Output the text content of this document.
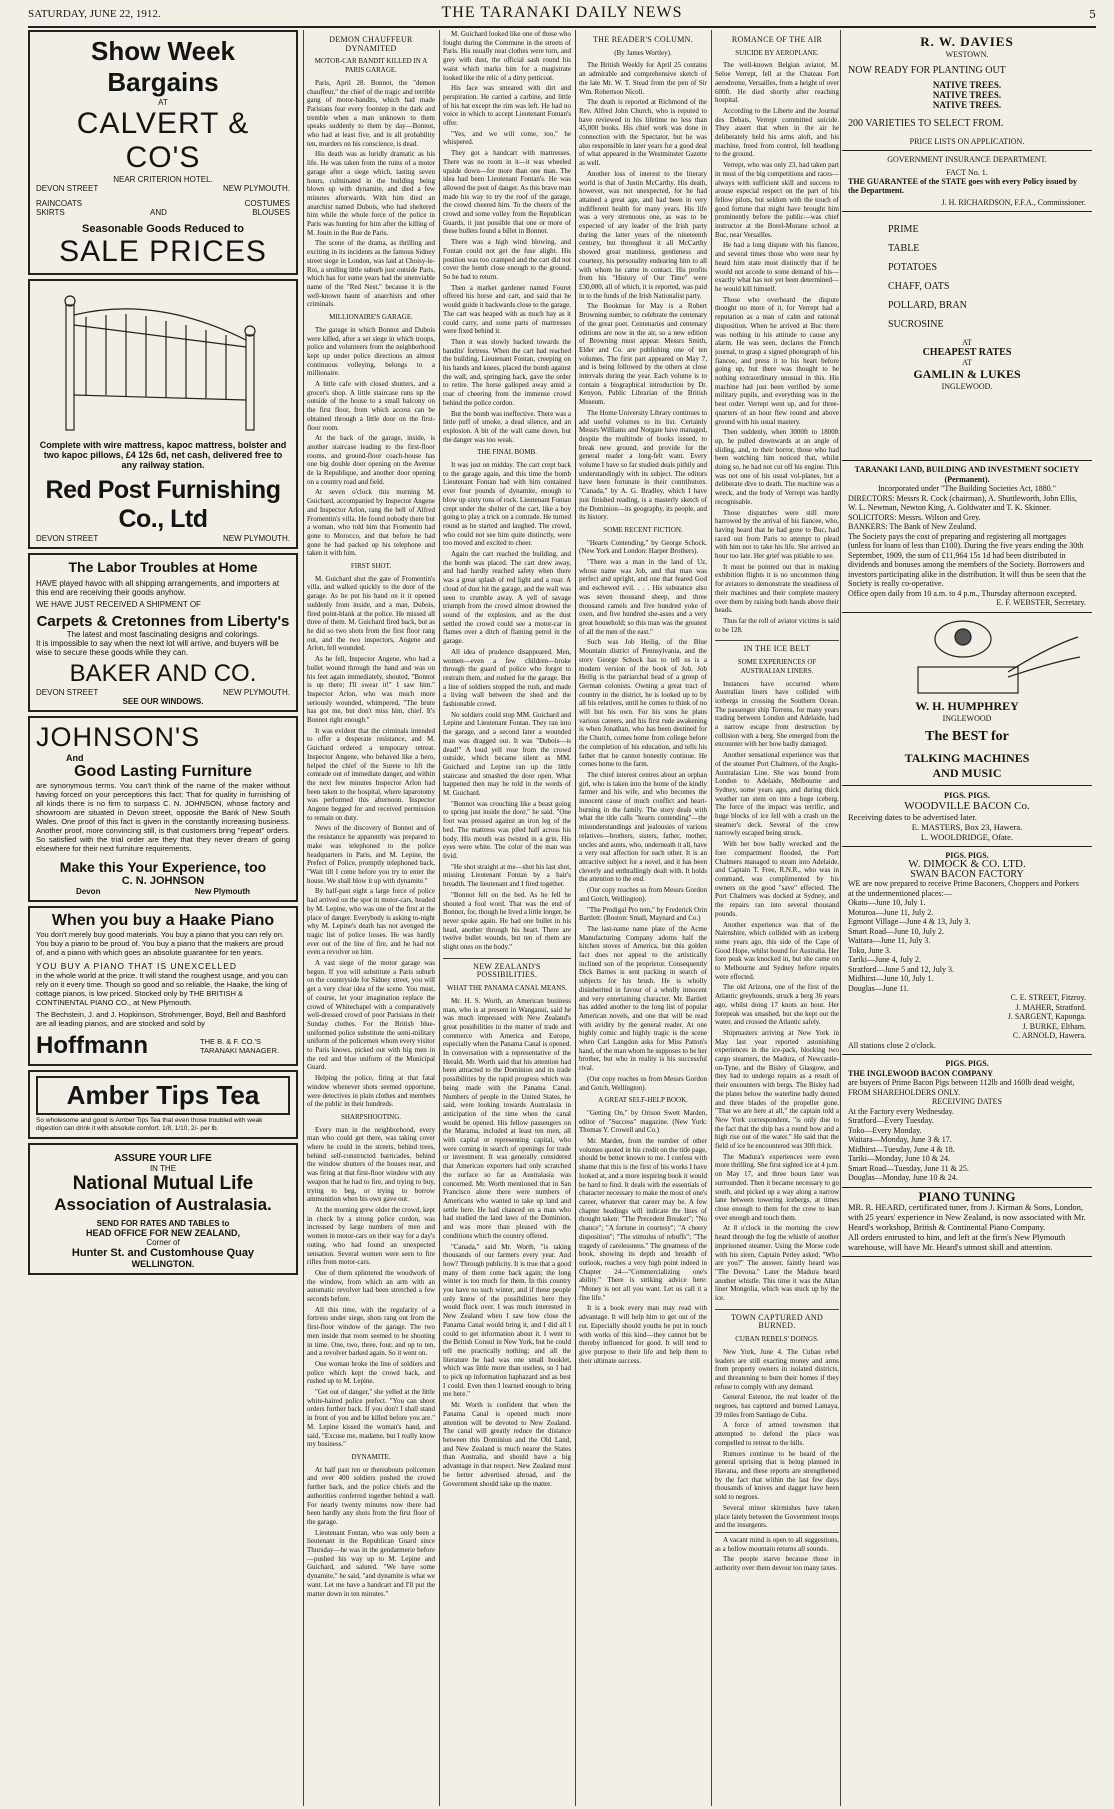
SATURDAY, JUNE 22, 1912.	THE TARANAKI DAILY NEWS	5
Show Week Bargains
AT
CALVERT & CO'S
NEAR CRITERION HOTEL.
DEVON STREET	NEW PLYMOUTH.
RAINCOATS	COSTUMES
SKIRTS	AND	BLOUSES
Seasonable Goods Reduced to
SALE PRICES
Complete with wire mattress, kapoc mattress, bolster and two kapoc pillows, £4 12s 6d, net cash, delivered free to any railway station.
Red Post Furnishing Co., Ltd
DEVON STREET	NEW PLYMOUTH.
The Labor Troubles at Home
HAVE played havoc with all shipping arrangements, and importers at this end are receiving their goods anyhow.
WE HAVE JUST RECEIVED A SHIPMENT OF
Carpets & Cretonnes from Liberty's
The latest and most fascinating designs and colorings.
It is impossible to say when the next lot will arrive, and buyers will be wise to secure these goods while they can.
BAKER AND CO.
DEVON STREET	NEW PLYMOUTH.
SEE OUR WINDOWS.
JOHNSON'S
And
Good Lasting Furniture
are synonymous terms. You can't think of the name of the maker without having forced on your perceptions this fact: That for quality in furnishing of all kinds there is no firm to surpass C. N. JOHNSON, whose factory and showroom are situated in Devon street, opposite the Bank of New South Wales. One proof of this fact is given in the constantly increasing business. Another proof, more convincing still, is that customers bring "repeat" orders. So satisfied with the trial order are they that they never dream of going elsewhere for their next furniture requirements.
Make this Your Experience, too
C. N. JOHNSON
Devon	New Plymouth
When you buy a Haake Piano
You don't merely buy good materials. You buy a piano that you can rely on. You buy a piano to be proud of. You buy a piano that the makers are proud of, and a piano with which goes an absolute guarantee for ten years.
YOU BUY A PIANO THAT IS UNEXCELLED
in the whole world at the price. It will stand the roughest usage, and you can rely on it every time. Though so good and so reliable, the Haake, the king of cottage pianos, is low priced. Stocked only by THE BRITISH & CONTINENTAL PIANO CO., at New Plymouth.
The Bechstein, J. and J. Hopkinson, Strohmenger, Boyd, Bell and Bashford are all leading pianos, and are stocked and sold by
Hoffmann	THE B. & F. CO.'S TARANAKI MANAGER.
Amber Tips Tea
So wholesome and good is Amber Tips Tea that even those troubled with weak digestion can drink it with absolute comfort. 1/8, 1/10, 2/- per lb.
ASSURE YOUR LIFE
IN THE
National Mutual Life
Association of Australasia.
SEND FOR RATES AND TABLES to
HEAD OFFICE FOR NEW ZEALAND,
Corner of
Hunter St. and Customhouse Quay
WELLINGTON.
DEMON CHAUFFEUR DYNAMITED
MOTOR-CAR BANDIT KILLED IN A PARIS GARAGE.

Paris, April 28. Bonnot, the "demon chauffeur," the chief of the tragic and terrible gang of motor-bandits, which had made Parisians fear every footstep in the dark and tremble when a man unknown to them speaks suddenly to them by day—Bonnot, who had at least five, and in all probability ten, murders on his conscience, is dead.

His death was as luridly dramatic as his life. He was taken from the ruins of a motor garage after a siege which, lasting seven hours, culminated in the building being blown up with dynamite, and died a few minutes afterwards. With him died an anarchist named Dubois, who had sheltered him while the whole force of the police in Paris was hunting for him after the killing of M. Jouin in the Rue de Paris.

The scene of the drama, as thrilling and exciting in its incidents as the famous Sidney street siege in London, was laid at Choisy-le-Roi, a smiling little suburb just outside Paris, which has for some years had the unenviable name of the "Red Nest," because it is the well-known haunt of anarchists and other criminals.

MILLIONAIRE'S GARAGE.

The garage in which Bonnot and Dubois were killed, after a set siege in which troops, police and volunteers from the neighborhood kept up under police directions an almost continuous volleying, belongs to a millionaire.

A little cafe with closed shutters, and a grocer's shop. A little staircase runs up the outside of the house to a small balcony on the first floor, from which access can be obtained through a little door on the first-floor room.

At the back of the garage, inside, is another staircase leading to the first-floor rooms, and ground-floor coach-house has one big double door opening on the Avenue de la Republique, and another door opening on a country road and field.

At seven o'clock this morning M. Guichard, accompanied by Inspector Angene and Inspector Arlon, rang the bell of Alfred Fromentin's villa. He found nobody there but a woman, who told him that Fromentin had gone to Morocco, and that before he had gone he had packed up his telephone and taken it with him.

FIRST SHOT.

M. Guichard shut the gate of Fromentin's villa, and walked quickly to the door of the garage. As he put his hand on it it opened suddenly from inside, and a man, Dubois, fired point-blank at the police. He missed all three of them. M. Guichard fired back, but as he did so two shots from the first floor rang out, and the two inspectors, Angene and Arlon, fell wounded.

As he fell, Inspector Angene, who had a bullet wound through the hand and was on his feet again immediately, shouted, "Bonnot is up there; I'll swear it!" I saw him." Inspector Arlon, who was much more seriously wounded, whimpered, "The brute has got me, but don't miss him, chief. It's Bonnot right enough."

It was evident that the criminals intended to offer a desperate resistance, and M. Guichard ordered a temporary retreat. Inspector Angene, who behaved like a hero, helped the chief of the Surete to lift the comrade out of immediate danger, and within the next few minutes Inspector Arlon had been taken to the hospital, where laparotomy was performed this afternoon. Inspector Angene begged for and received permission to remain on duty.

News of the discovery of Bonnot and of the resistance he apparently was prepared to make was telephoned to the police headquarters in Paris, and M. Lepine, the Prefect of Police, promptly telephoned back, "Wait till I come before you try to enter the house. We shall blow it up with dynamite."

By half-past eight a large force of police had arrived on the spot in motor-cars, headed by M. Lepine, who was one of the first at the place of danger. Everybody is asking to-night why M. Lepine's death has not avenged the tragic list of police losses. He was hardly ever out of the line of fire, and he had not even a revolver on him.

A vast siege of the motor garage was begun. If you will substitute a Paris suburb on the countryside for Sidney street, you will get a very clear idea of the scene. You must, of course, let your imagination replace the crowd of Whitechapel with a comparatively well-dressed crowd of poor Parisians in their Sunday clothes. For the British blue-uniformed police substitute the semi-military uniform of the policemen whom every visitor to Paris knows, picked out with big men in the red and blue uniform of the Municipal Guard.

Helping the police, firing at that fatal window whenever shots seemed opportune, were detectives in plain clothes and members of the public in their hundreds.

SHARPSHOOTING.

Every man in the neighborhood, every man who could get there, was taking cover where he could in the streets, behind trees, behind self-constructed barricades, behind the window shutters of the houses near, and was firing at that first-floor window with any weapon that he had to fire, and trying to buy, trying to beg, or trying to borrow ammunition when his own gave out.

At the morning grew older the crowd, kept in check by a strong police cordon, was increased by large numbers of men and women in motor-cars on their way for a day's outing, who had found an unexpected sensation. Several women were seen to fire rifles from motor-cars.

One of them splintered the woodwork of the window, from which an arm with an automatic revolver had been stretched a few seconds before.

All this time, with the regularity of a fortress under siege, shots rang out from the first-floor window of the garage. The two men inside that room seemed to be shooting in time. One, two, three, four, and up to ten, and a revolver barked again. So it went on.

One woman broke the line of soldiers and police which kept the crowd back, and rushed up to M. Lepine.

"Get out of danger," she yelled at the little white-haired police prefect. "You can shoot orders further back. If you don't I shall stand in front of you and be killed before you are." M. Lepine kissed the woman's hand, and said, "Excuse me, madame, but I really know my business."

DYNAMITE.

At half past ten or thereabouts policemen and over 400 soldiers pushed the crowd further back, and the police chiefs and the authorities conferred together behind a wall. For nearly twenty minutes now there had been hardly any shots from the first floor of the garage.

Lieutenant Fontan, who was only been a lieutenant in the Republican Guard since Thursday—he was in the gendarmerie before—pushed his way up to M. Lepine and Guichard, and saluted. "We have some dynamite," he said, "and dynamite is what we want. Let me have a handcart and I'll put the matter down in ten minutes."

M. Guichard looked like one of those who fought during the Commune in the streets of Paris. His usually neat clothes were torn, and grey with dust, the official sash round his waist which marks him for a magistrate looked like the relic of a dirty petticoat.

His face was smeared with dirt and perspiration. He carried a carbine, and little of his hat except the rim was left. He had no voice in which to accept Lieutenant Fontan's offer.

"Yes, and we will come, too," he whispered.

They got a handcart with mattresses. There was no room in it—it was wheeled upside down—for more than one man. The idea had been Lieutenant Fontan's. He was allowed the post of danger. As this brave man made his way to try the roof of the garage, the crowd cheered him. To the cheers of the crowd and some volley from the Republican Guards, it just possible that one or more of these bullets found a billet in Bonnot.

There was a high wind blowing, and Fontan could not get the fuse alight. His position was too cramped and the cart did not cover the bomb close enough to the ground. So he had to return.

Then a market gardener named Fouret offered his horse and cart, and said that he would guide it backwards close to the garage. The cart was heaped with as much hay as it could carry, and some parts of mattresses were fixed behind it.

Then it was slowly backed towards the bandits' fortress. When the cart had reached the building, Lieutenant Fontan, creeping on his hands and knees, placed the bomb against the wall, and, springing back, gave the order to retire. The horse galloped away amid a roar of cheering from the immense crowd behind the police cordon.

But the bomb was ineffective. There was a little puff of smoke, a dead silence, and an explosion. A bit of the wall came down, but the danger was too weak.

THE FINAL BOMB.

It was just on midday. The cart crept back to the garage again, and this time the bomb Lieutenant Fontan had with him contained over four pounds of dynamite, enough to blow up sixty tons of rock. Lieutenant Fontan crept under the shelter of the cart, like a boy going to play a trick on a comrade. He turned round as he started and laughed. The crowd, who could not see him quite distinctly, were too moved and excited to cheer.

Again the cart reached the building, and the bomb was placed. The cart drew away, and had hardly reached safety when there was a great splash of red light and a roar. A cloud of dust hit the garage, and the wall was seen to crumble away. A yell of savage triumph from the crowd almost drowned the sound of the explosion, and as the dust settled the crowd could see a motor-car in flames over a ditch of flaming petrol in the garage.

All idea of prudence disappeared. Men, women—even a few children—broke through the guard of police who forgot to restrain them, and rushed for the garage. But a line of soldiers stopped the rush, and made a living wall between the shed and the fashionable crowd.

No soldiers could stop MM. Guichard and Lepine and Lieutenant Fontan. They ran into the garage, and a second later a wounded man was dragged out. It was "Dubois—is dead!" A loud yell rose from the crowd outside, which became silent as MM. Guichard and Lepine ran up the little staircase and smashed the door open. What happened then may be told in the words of M. Guichard.

"Bonnot was crouching like a beast going to spring just inside the door," he said. "One foot was pressed against an iron leg of the bed. The mattress was piled half across his body. His mouth was twisted in a grin. His eyes were white. The color of the man was livid.

"He shot straight at me—shot his last shot, missing Lieutenant Fontan by a hair's breadth. The lieutenant and I fired together.

"Bonnot fell on the bed. As he fell he shouted a foul word. That was the end of Bonnot, for, though he lived a little longer, he never spoke again. He had one bullet in his head, another through his heart. There are twelve bullet wounds, but ten of them are slight ones on the body."

NEW ZEALAND'S POSSIBILITIES.
WHAT THE PANAMA CANAL MEANS.

Mr. H. S. Worth, an American business man, who is at present in Wanganui, said he was much impressed with New Zealand's great possibilities in the matter of trade and commerce with America and Europe, especially when the Panama Canal is opened. In conversation with a representative of the Herald, Mr. Worth said that his attention had been attracted to the Dominion and its trade possibilities by the rapid progress which was being made with the Panama Canal. Numbers of people in the United States, he said, were looking towards Australasia in anticipation of the time when the canal would be opened. His fellow passengers on the Marama, included at least ten men, all with capital or representing capital, who were coming in search of openings for trade or investment. It was generally considered that American exporters had only scratched the surface so far as Australasia was concerned. Mr. Worth mentioned that in San Francisco alone there were numbers of Americans who wanted to take up land and settle here. He had chanced on a man who had studied the land laws of the Dominion, and was more than pleased with the conditions which the country offered.

"Canada," said Mr. Worth, "is taking thousands of our farmers every year. And how? Through publicity. It is true that a good many of them come back again; the long winter is too much for them. In this country you have no such winter, and if these people only knew of the possibilities here they would flock over. I was much interested in New Zealand when I saw how close the Panama Canal would bring it, and I did all I could to get information about it. I went to the British Consul in New York, but he could tell me practically nothing; and all the literature he had was one small booklet, which was little more than useless, so I had to pick up information haphazard and as best I could. Even then I learned enough to bring me here."

Mr. Worth is confident that when the Panama Canal is opened much more attention will be devoted to New Zealand. The canal will greatly reduce the distance between this Dominion and the Old Land, and New Zealand is much nearer the States than Australia, and should have a big advantage in that respect. New Zealand must be better advertised abroad, and the Government should take up the matter.

THE READER'S COLUMN.
(By James Wortley).

The British Weekly for April 25 contains an admirable and comprehensive sketch of the late Mr. W. T. Stead from the pen of Sir Wm. Robertson Nicoll.

The death is reported at Richmond of the Rev. Alfred John Church, who is reputed to have reviewed in his lifetime no less than 45,000 books. His chief work was done in connection with the Spectator, but he was also responsible in later years for a good deal of what appeared in the Westminster Gazette as well.

Another loss of interest to the literary world is that of Justin McCarthy. His death, however, was not unexpected, for he had attained a great age, and had been in very indifferent health for many years. His life was a very strenuous one, as was to be expected of any leader of the Irish party during the latter years of the nineteenth century, but throughout it all McCarthy showed great manliness, gentleness and courtesy, his personality endearing him to all with whom he came in contact. His profits from his "History of Our Time" were £30,000, all of which, it is reported, was paid in to the funds of the Irish Nationalist party.

The Bookman for May is a Robert Browning number, to celebrate the centenary of the great poet. Centenaries and centenary editions are now in the air, so a new edition of Browning must appear. Messrs Smith, Elder and Co. are publishing one of ten volumes. The first part appeared on May 7, and is being followed by the others at close intervals during the year. Each volume is to contain a biographical introduction by Dr. Kenyon, Public Librarian of the British Museum.

The Home University Library continues to add useful volumes to its list. Certainly Messrs Williams and Norgate have managed, despite the multitude of books issued, to break new ground, and provide for the general reader a long-felt want. Every volume I have so far studied deals pithily and understandingly with its subject. The editors have been fortunate in their contributors. "Canada," by A. G. Bradley, which I have just finished reading, is a masterly sketch of the Dominion—its geography, its people, and its history.

SOME RECENT FICTION.

"Hearts Contending," by George Schock. (New York and London: Harper Brothers).

"There was a man in the land of Uz, whose name was Job, and that man was perfect and upright, and one that feared God and eschewed evil. . . . His substance also was seven thousand sheep, and three thousand camels and five hundred yoke of oxen, and five hundred she-asses and a very great household; so this man was the greatest of all the men of the east."

Such was Job Heilig, of the Blue Mountain district of Pennsylvania, and the story George Schock has to tell us is a modern version of the book of Job. Job Heilig is the patriarchal head of a group of German colonists. Owning a great tract of country in the district, he is looked up to by all his relatives, until he comes to think of no will but his own. For his sons he plans various careers, and his first rude awakening is when Jonathan, who has been destined for the Church, comes home from college before the completion of his education, and tells his father that he cannot honestly continue. He comes home to the farm.

The chief interest centres about an orphan girl, who is taken into the home of the kindly farmer and his wife, and who becomes the innocent cause of much conflict and heart-burning in the family. The story deals with what the title calls "hearts contending"—the misunderstandings and jealousies of various relatives—brothers, sisters, father, mother, uncles and aunts, who, underneath it all, have a very real affection for each other. It is an attractive subject for a novel, and it has been cleverly and enthrallingly dealt with. It holds the attention to the end.

(Our copy reaches us from Messrs Gordon and Gotch, Wellington).

"The Prodigal Pro tem," by Frederick Orin Bartlett: (Boston: Small, Maynard and Co.)

The last-name name plate of the Acme Manufacturing Company adorns half the kitchen stoves of America, but this golden fact does not appeal to the artistically inclined son of the proprietor. Consequently Dick Barnes is sent packing in search of subjects for his brush. He is wholly disinherited in favour of a wholly innocent and very entertaining character. Mr. Bartlett has added another to the long list of popular American novels, and one that will be read with avidity by the general reader. At one highly comic and highly tragic is the scene when Carl Langdon asks for Miss Patton's hand, of the man whom he supposes to be her brother, but who in reality is his successful rival.

(Our copy reaches us from Messrs Gordon and Gotch, Wellington).

A GREAT SELF-HELP BOOK.

"Getting On," by Orison Swett Marden, editor of "Success" magazine. (New York: Thomas Y. Crowell and Co.)

Mr. Marden, from the number of other volumes quoted in his credit on the title page, should be better known to me. I confess with shame that this is the first of his works I have looked at, and a more inspiring book it would be hard to find. It deals with the essentials of character necessary to make the most of one's career, whatever that career may be. A few chapter headings will indicate the lines of thought taken: "The Precedent Breaker"; "No chance"; "A fortune in courtesy"; "A cheery disposition"; "The stimulus of rebuffs"; "The tragedy of carelessness." The greatness of the book, showing its depth and breadth of outlook, reaches a very high point indeed in Chapter 24—"Commercializing one's ability." There is striking advice here: "Money is not all you want. Let us call it a fine life."

It is a book every man may read with advantage. It will help him to get out of the rut. Especially should youths be put in touch with works of this kind—they cannot but be thereby influenced for good. It will tend to give purpose to their life and help them to their ultimate success.

ROMANCE OF THE AIR
SUICIDE BY AEROPLANE.

The well-known Belgian aviator, M. Seloe Verrept, fell at the Chateau Fort aerodrome, Versailles, from a height of over 600ft. He died shortly after reaching hospital.

According to the Liberte and the Journal des Debats, Verrept committed suicide. They assert that when in the air he deliberately held his arms aloft, and his machine, freed from control, fell headlong to the ground.

Verrept, who was only 23, had taken part in most of the big competitions and races—always with sufficient skill and success to arouse especial respect on the part of his fellow pilots, but seldom with the touch of good fortune that might have brought him prominently before the public—was chief instructor at the Borel-Morane school at Buc, near Versailles.

He had a long dispute with his fiancee, and several times those who were near by heard him state most distinctly that if he would not accede to some demand of his—exactly what has not yet been determined—he would kill himself.

Those who overheard the dispute thought no more of it, for Verrept had a reputation as a man of calm and rational disposition. When he arrived at Buc there was nothing in his attitude to cause any alarm. He was seen, declares the French journal, to grasp a signed photograph of his fiancee, and press it to his heart before going up, but there was thought to be nothing extraordinary unusual in this. His machine had just been verified by some military pupils, and everything was in the best order. Verrept went up, and for three-quarters of an hour flew round and above ground with his usual mastery.

Then suddenly, when 3000ft to 1800ft up, he pulled downwards at an angle of sliding, and, to their horror, those who had been watching him noticed that, whilst doing so, he had not cut off his engine. This was not one of his usual vol-planes, but a deliberate dive to death. The machine was a wreck, and the body of Verrept was hardly recognisable.

Those dispatches were still more harrowed by the arrival of his fiancee, who, having heard that he had gone to Buc, had raced out from Paris to attempt to plead with him not to take his life. She arrived an hour too late. Her grief was pitiable to see.

It must be pointed out that in making exhibition flights it is no uncommon thing for aviators to demonstrate the steadiness of their machines and their complete mastery over them by raising both hands above their heads.

Thus far the roll of aviator victims is said to be 128.

IN THE ICE BELT
SOME EXPERIENCES OF AUSTRALIAN LINERS.

Instances have occurred where Australian liners have collided with icebergs in crossing the Southern Ocean. The passenger ship Torrens, for many years trading between London and Adelaide, had a narrow escape from destruction by collision with a berg. She emerged from the encounter with her bow badly damaged.

Another sensational experience was that of the steamer Port Chalmers, of the Anglo-Australasian Line. She was bound from London to Adelaide, Melbourne and Sydney, some years ago, and during thick weather ran stem on into a huge iceberg. The force of the impact was terrific, and huge blocks of ice fell with a crash on the steamer's deck. Several of the crew narrowly escaped being struck.

With her bow badly wrecked and the fore compartment flooded, the Port Chalmers managed to steam into Adelaide, and Captain T. Free, R.N.R., who was in command, was complimented by his owners on the good "save" effected. The Port Chalmers was docked at Sydney, and the repairs ran into several thousand pounds.

Another experience was that of the Nairnshire, which collided with an iceberg some years ago, this side of the Cape of Good Hope, whilst bound for Australia. Her fore peak was knocked in, but she came on to Melbourne and Sydney before repairs were effected.

The old Arizona, one of the first of the Atlantic greyhounds, struck a berg 36 years ago, whilst doing 17 knots an hour. Her forepeak was smashed, but she kept out the water, and crossed the Atlantic safely.

Shipmasters arriving at New York in May last year reported astonishing experiences in the ice-pack, blocking two cargo steamers, the Madura, of Newcastle-on-Tyne, and the Bisley of Glasgow, and they had to undergo repairs as a result of their encounters with bergs. The Bisley had the plates below the waterline badly dented and three blades of the propeller gone. "That we are here at all," the captain told a New York correspondent, "is only due to the fact that the ship has a round bow and a high rise out of the water." He said that the field of ice he encountered was 30ft thick.

The Madura's experiences were even more thrilling. She first sighted ice at 4 p.m. on May 17, and three hours later was surrounded. Then it became necessary to go south, and picked up a way along a narrow lane between towering icebergs, at times close enough to them for the crew to lean over enough and touch them.

At 8 o'clock in the morning the crew heard through the fog the whistle of another imprisoned steamer. Using the Morse code with his siren, Captain Petley asked, "Who are you?" The answer, faintly heard was "The Devona." Later the Madura heard another whistle. This time it was the Allan liner Mongolia, which was stuck up by the ice.

TOWN CAPTURED AND BURNED.
CUBAN REBELS' DOINGS.

New York, June 4. The Cuban rebel leaders are still exacting money and arms from property owners in isolated districts, and threatening to burn their homes if they refuse to comply with any demand.

General Estenoz, the real leader of the negroes, has captured and burned Lamaya, 39 miles from Santiago de Cuba.

A force of armed townsmen that attempted to defend the place was compelled to retreat to the hills.

Rumors continue to be heard of the general uprising that is being planned in Havana, and these reports are strengthened by the fact that within the last few days thousands of knives and dagger have been sold to negroes.

Several minor skirmishes have taken place lately between the Government troops and the insurgents.

A vacant mind is open to all suggestions, as a hollow mountain returns all sounds.

The people starve because those in authority over them devour too many taxes.

R. W. DAVIES
WESTOWN.
NOW READY FOR PLANTING OUT
NATIVE TREES.
NATIVE TREES.
NATIVE TREES.
200 VARIETIES TO SELECT FROM.
PRICE LISTS ON APPLICATION.
GOVERNMENT INSURANCE DEPARTMENT.
FACT No. 1.
THE GUARANTEE of the STATE goes with every Policy issued by the Department.
J. H. RICHARDSON, F.F.A., Commissioner.
PRIME
TABLE
POTATOES
CHAFF, OATS
POLLARD, BRAN
SUCROSINE
AT
CHEAPEST RATES
AT
GAMLIN & LUKES
INGLEWOOD.
TARANAKI LAND, BUILDING AND INVESTMENT SOCIETY (Permanent).
Incorporated under "The Building Societies Act, 1880."
DIRECTORS: Messrs R. Cock (chairman), A. Shuttleworth, John Ellis, W. L. Newman, Newton King, A. Goldwater and T. K. Skinner.
SOLICITORS: Messrs. Wilson and Grey.
BANKERS: The Bank of New Zealand.
The Society pays the cost of preparing and registering all mortgages (unless for loans of less than £100). During the five years ending the 30th September, 1909, the sum of £11,964 15s 1d had been distributed in dividends and bonuses among the members of the Society. Borrowers and investors participating alike in the distribution. It will thus be seen that the Society is really co-operative.
Office open daily from 10 a.m. to 4 p.m., Thursday afternoon excepted.
E. F. WEBSTER, Secretary.
W. H. HUMPHREY
INGLEWOOD
The BEST for
TALKING MACHINES
AND MUSIC
PIGS. PIGS.
WOODVILLE BACON Co.
Receiving dates to be advertised later.
E. MASTERS, Box 23, Hawera.
L. WOOLDRIDGE, Ofate.
PIGS. PIGS.
W. DIMOCK & CO. LTD.
SWAN BACON FACTORY
WE are now prepared to receive Prime Baconers, Choppers and Porkers at the undermentioned places:—
Okato—June 10, July 1.
Moturoa—June 11, July 2.
Egmont Village—June 4 & 13, July 3.
Smart Road—June 10, July 2.
Waitara—June 11, July 3.
Toko, June 3.
Tariki—June 4, July 2.
Stratford—June 5 and 12, July 3.
Midhirst—June 10, July 1.
Douglas—June 11.
C. E. STREET, Fitzroy.
J. MAHER, Stratford.
J. SARGENT, Kaponga.
J. BURKE, Eltham.
C. ARNOLD, Hawera.
All stations close 2 o'clock.
PIGS. PIGS.
THE INGLEWOOD BACON COMPANY
are buyers of Prime Bacon Pigs between 112lb and 160lb dead weight, FROM SHAREHOLDERS ONLY.
RECEIVING DATES
At the Factory every Wednesday.
Stratford—Every Tuesday.
Toko—Every Monday.
Waitara—Monday, June 3 & 17.
Midhirst—Tuesday, June 4 & 18.
Tariki—Monday, June 10 & 24.
Smart Road—Tuesday, June 11 & 25.
Douglas—Monday, June 10 & 24.
PIANO TUNING
MR. R. HEARD, certificated tuner, from J. Kirman & Sons, London, with 25 years' experience in New Zealand, is now associated with Mr. Heard's workshop, British & Continental Piano Company.
All orders entrusted to him, and left at the firm's New Plymouth warehouse, will have Mr. Heard's utmost skill and attention.
